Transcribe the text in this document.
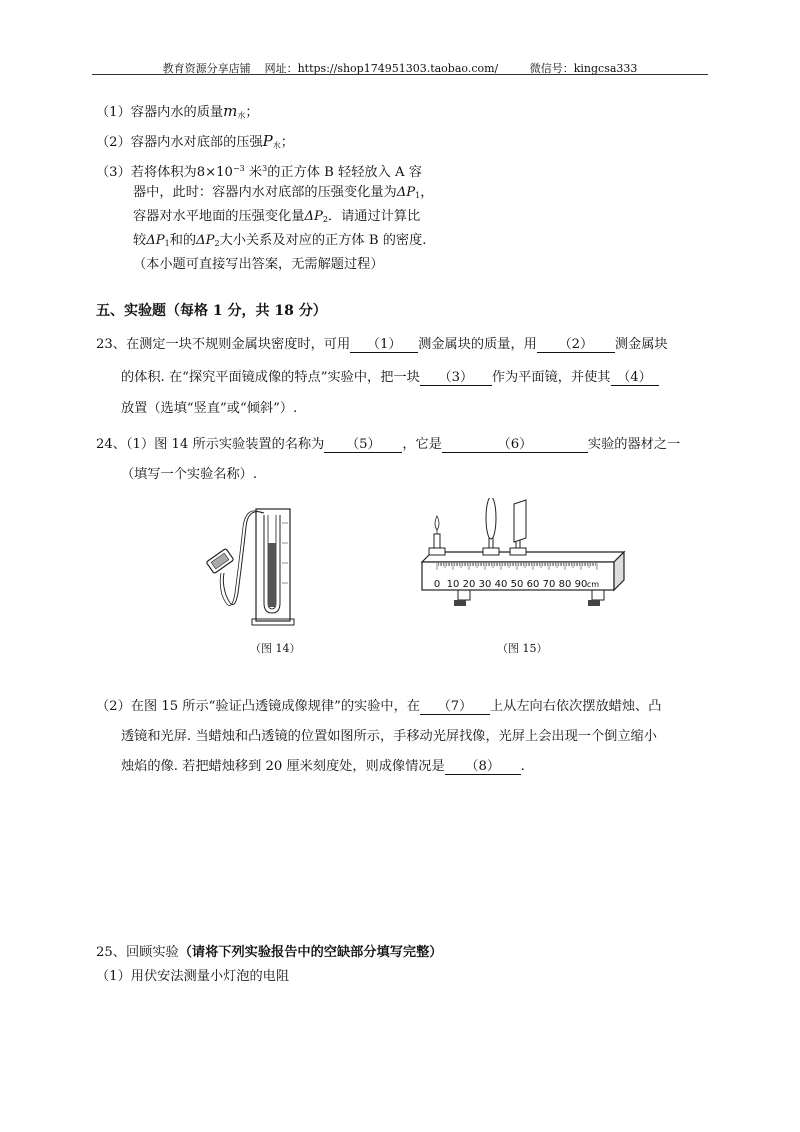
教育资源分享店铺 网址：https://shop174951303.taobao.com/	微信号：kingcsa333
（1）容器内水的质量$m_水$；
（2）容器内水对底部的压强$P_水$；
（3）若将体积为$8\times 10^{-3}$ 米$^3$的正方体 B 轻轻放入 A 容
器中，此时：容器内水对底部的压强变化量为$\Delta P_1$，
容器对水平地面的压强变化量$\Delta P_2$．请通过计算比
较$\Delta P_1$和的$\Delta P_2$大小关系及对应的正方体 B 的密度.
（本小题可直接写出答案，无需解题过程）
五、实验题（每格 1 分，共 18 分）
23、在测定一块不规则金属块密度时，可用 （1） 测金属块的质量，用 （2） 测金属块
的体积. 在“探究平面镜成像的特点”实验中，把一块 （3） 作为平面镜，并使其 （4）
放置（选填“竖直”或“倾斜”）.
24、（1）图 14 所示实验装置的名称为 （5） ，它是	（6）	实验的器材之一
（填写一个实验名称）.
0 10 20 30 40 50 60 70 80 90 cm
（图 14）	（图 15）
（2）在图 15 所示“验证凸透镜成像规律”的实验中，在 （7） 上从左向右依次摆放蜡烛、凸
透镜和光屏. 当蜡烛和凸透镜的位置如图所示，手移动光屏找像，光屏上会出现一个倒立缩小
烛焰的像. 若把蜡烛移到 20 厘米刻度处，则成像情况是 （8） .
25、回顾实验（请将下列实验报告中的空缺部分填写完整）
（1）用伏安法测量小灯泡的电阻
